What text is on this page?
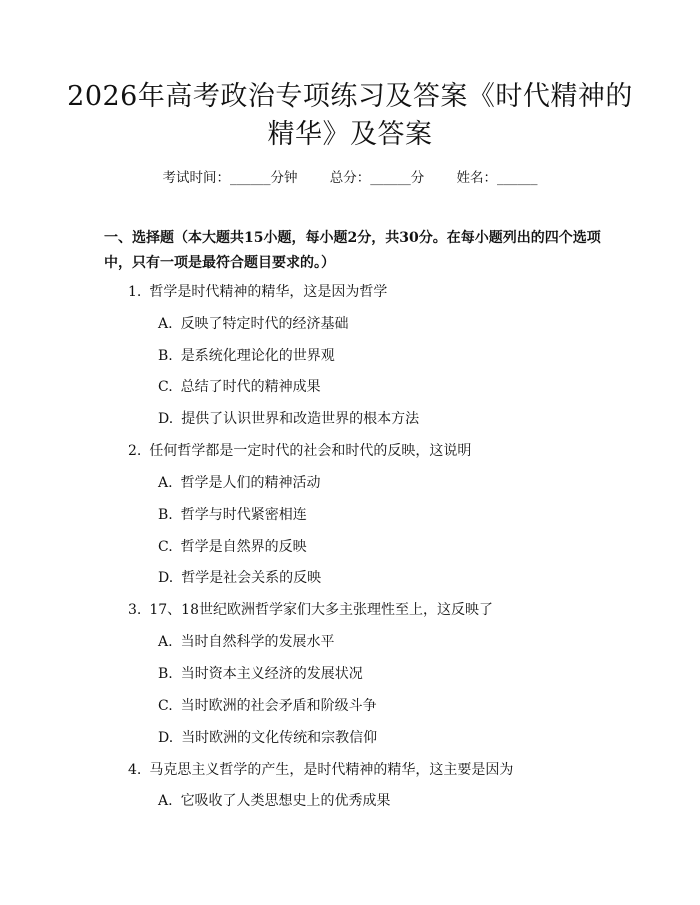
2026年高考政治专项练习及答案《时代精神的精华》及答案
考试时间：______分钟 总分：______分 姓名：______
一、选择题（本大题共15小题，每小题2分，共30分。在每小题列出的四个选项中，只有一项是最符合题目要求的。）
1. 哲学是时代精神的精华，这是因为哲学
A. 反映了特定时代的经济基础
B. 是系统化理论化的世界观
C. 总结了时代的精神成果
D. 提供了认识世界和改造世界的根本方法
2. 任何哲学都是一定时代的社会和时代的反映，这说明
A. 哲学是人们的精神活动
B. 哲学与时代紧密相连
C. 哲学是自然界的反映
D. 哲学是社会关系的反映
3. 17、18世纪欧洲哲学家们大多主张理性至上，这反映了
A. 当时自然科学的发展水平
B. 当时资本主义经济的发展状况
C. 当时欧洲的社会矛盾和阶级斗争
D. 当时欧洲的文化传统和宗教信仰
4. 马克思主义哲学的产生，是时代精神的精华，这主要是因为
A. 它吸收了人类思想史上的优秀成果
